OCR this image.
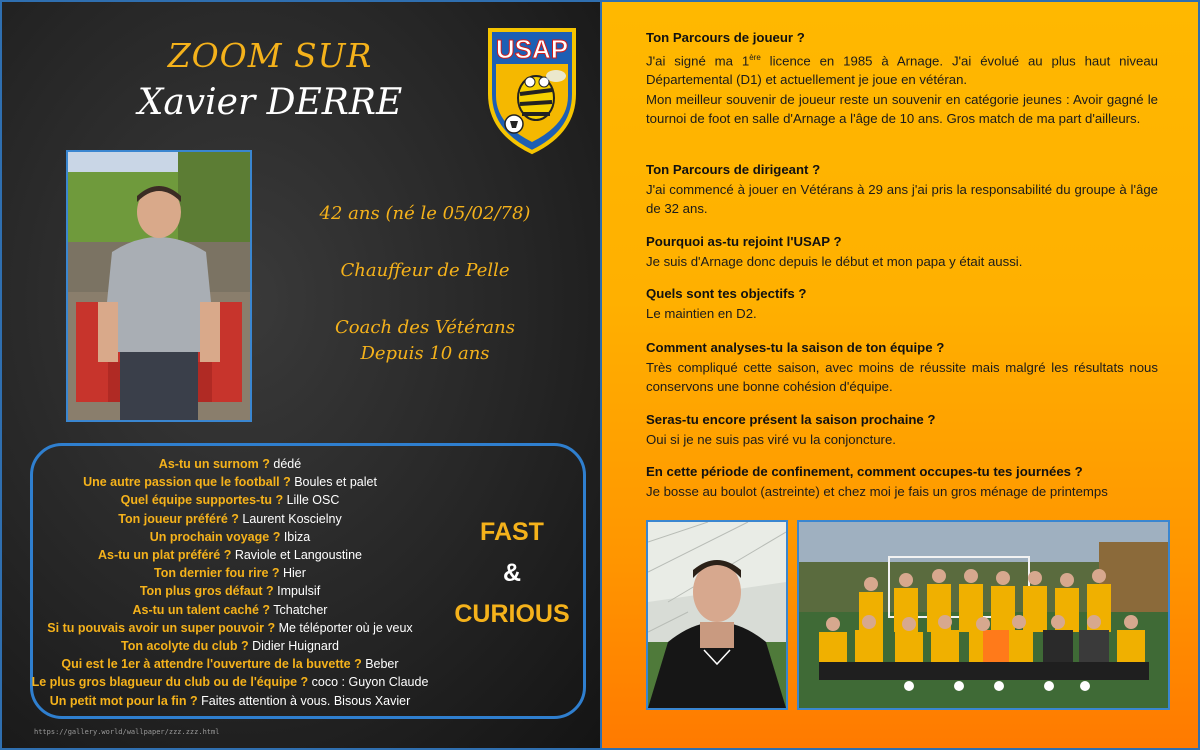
ZOOM SUR
Xavier DERRE
USAP
42 ans (né le 05/02/78)
Chauffeur de Pelle
Coach des Vétérans
Depuis 10 ans
As-tu un surnom ? dédé
Une autre passion que le football ? Boules et palet
Quel équipe supportes-tu ? Lille OSC
Ton joueur préféré ? Laurent Koscielny
Un prochain voyage ? Ibiza
As-tu un plat préféré ? Raviole et Langoustine
Ton dernier fou rire ? Hier
Ton plus gros défaut ? Impulsif
As-tu un talent caché ? Tchatcher
Si tu pouvais avoir un super pouvoir ? Me téléporter où je veux
Ton acolyte du club ? Didier Huignard
Qui est le 1er à attendre l'ouverture de la buvette ? Beber
Le plus gros blagueur du club ou de l'équipe ? coco : Guyon Claude
Un petit mot pour la fin ? Faites attention à vous. Bisous Xavier
FAST
&
CURIOUS
https://gallery.world/wallpaper/zzz.zzz.html
Ton Parcours de joueur ?
J'ai signé ma 1ère licence en 1985 à Arnage. J'ai évolué au plus haut niveau Départemental (D1) et actuellement je joue en vétéran.
Mon meilleur souvenir de joueur reste un souvenir en catégorie jeunes : Avoir gagné le tournoi de foot en salle d'Arnage a l'âge de 10 ans. Gros match de ma part d'ailleurs.
Ton Parcours de dirigeant ?
J'ai commencé à jouer en Vétérans à 29 ans j'ai pris la responsabilité du groupe à l'âge de 32 ans.
Pourquoi as-tu rejoint l'USAP ?
Je suis d'Arnage donc depuis le début et mon papa y était aussi.
Quels sont tes objectifs ?
Le maintien en D2.
Comment analyses-tu la saison de ton équipe ?
Très compliqué cette saison, avec moins de réussite mais malgré les résultats nous conservons une bonne cohésion d'équipe.
Seras-tu encore présent la saison prochaine ?
Oui si je ne suis pas viré vu la conjoncture.
En cette période de confinement, comment occupes-tu tes journées ?
Je bosse au boulot (astreinte) et chez moi je fais un gros ménage de printemps
